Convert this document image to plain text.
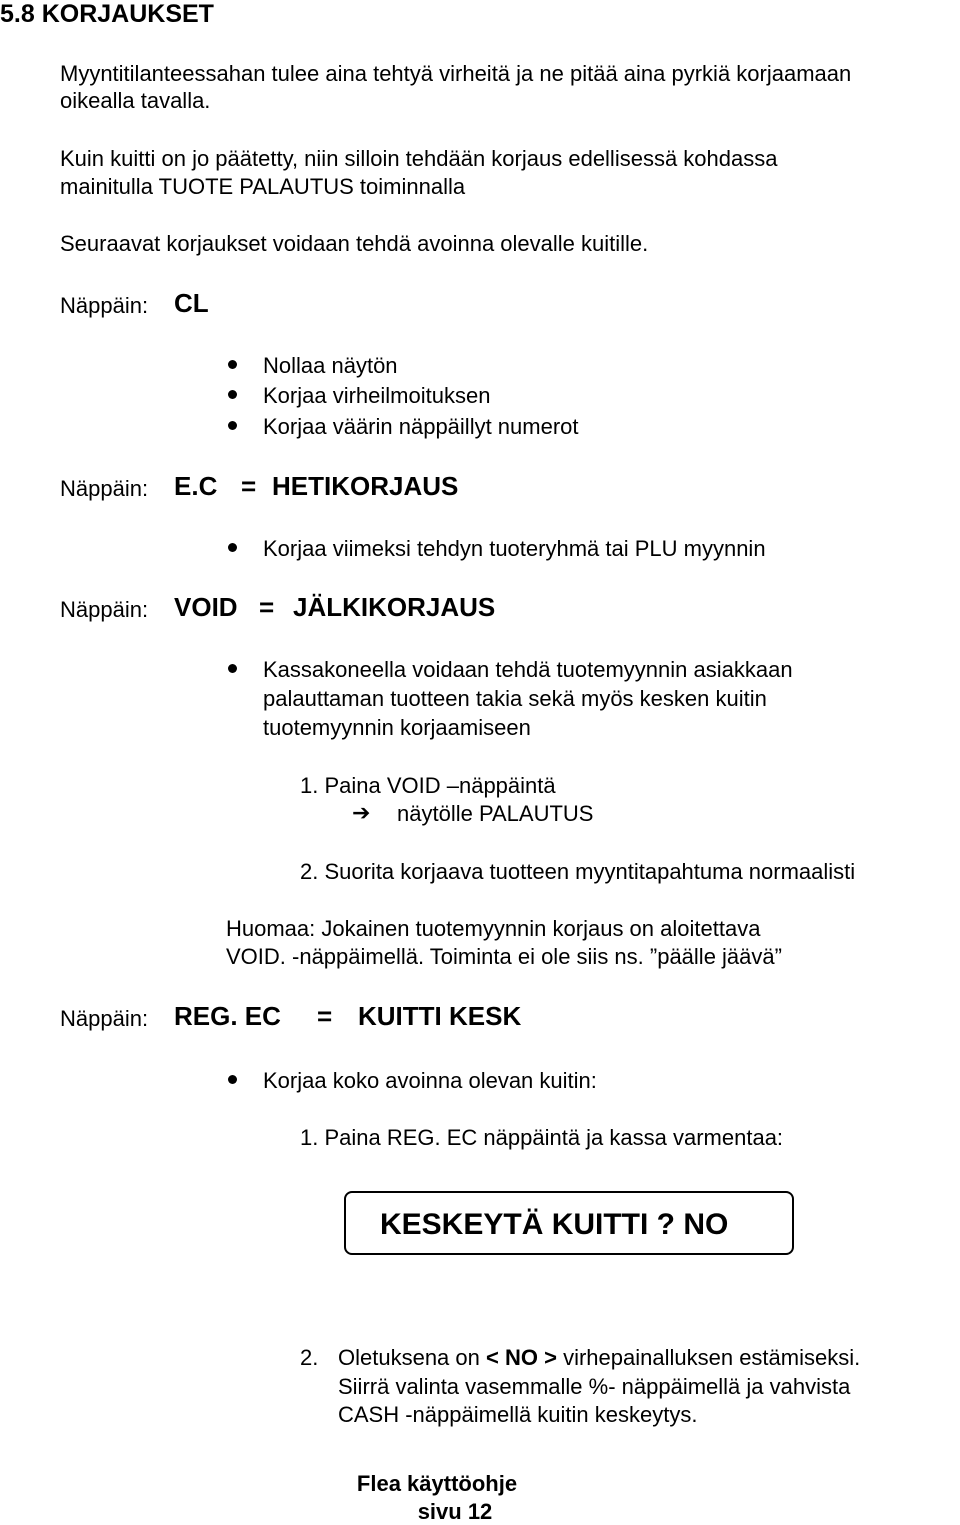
5.8 KORJAUKSET
Myyntitilanteessahan tulee aina tehtyä virheitä ja ne pitää aina pyrkiä korjaamaan
oikealla tavalla.
Kuin kuitti on jo päätetty, niin silloin tehdään korjaus edellisessä kohdassa
mainitulla TUOTE PALAUTUS toiminnalla
Seuraavat korjaukset voidaan tehdä avoinna olevalle kuitille.
Näppäin: CL
Nollaa näytön
Korjaa virheilmoituksen
Korjaa väärin näppäillyt numerot
Näppäin: E.C = HETIKORJAUS
Korjaa viimeksi tehdyn tuoteryhmä tai PLU myynnin
Näppäin: VOID = JÄLKIKORJAUS
Kassakoneella voidaan tehdä tuotemyynnin asiakkaan
palauttaman tuotteen takia sekä myös kesken kuitin
tuotemyynnin korjaamiseen
1. Paina VOID –näppäintä
➔ näytölle PALAUTUS
2. Suorita korjaava tuotteen myyntitapahtuma normaalisti
Huomaa: Jokainen tuotemyynnin korjaus on aloitettava
VOID. -näppäimellä. Toiminta ei ole siis ns. ”päälle jäävä”
Näppäin: REG. EC = KUITTI KESK
Korjaa koko avoinna olevan kuitin:
1. Paina REG. EC näppäintä ja kassa varmentaa:
KESKEYTÄ KUITTI ? NO
2. Oletuksena on < NO > virhepainalluksen estämiseksi.
Siirrä valinta vasemmalle %- näppäimellä ja vahvista
CASH -näppäimellä kuitin keskeytys.
Flea käyttöohje
sivu 12
